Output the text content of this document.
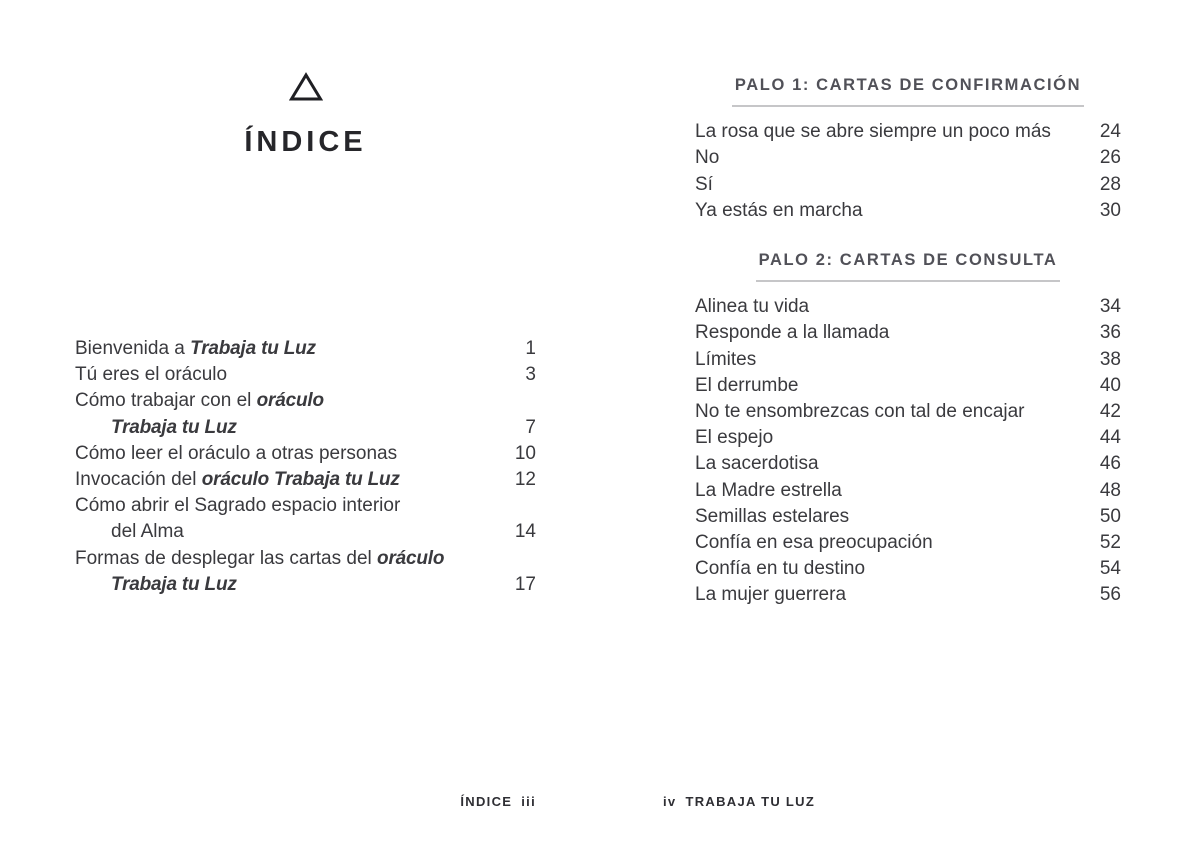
ÍNDICE
Bienvenida a Trabaja tu Luz	1
Tú eres el oráculo	3
Cómo trabajar con el oráculo
Trabaja tu Luz	7
Cómo leer el oráculo a otras personas	10
Invocación del oráculo Trabaja tu Luz	12
Cómo abrir el Sagrado espacio interior
del Alma	14
Formas de desplegar las cartas del oráculo
Trabaja tu Luz	17
ÍNDICE iii
PALO 1: CARTAS DE CONFIRMACIÓN
La rosa que se abre siempre un poco más	24
No	26
Sí	28
Ya estás en marcha	30
PALO 2: CARTAS DE CONSULTA
Alinea tu vida	34
Responde a la llamada	36
Límites	38
El derrumbe	40
No te ensombrezcas con tal de encajar	42
El espejo	44
La sacerdotisa	46
La Madre estrella	48
Semillas estelares	50
Confía en esa preocupación	52
Confía en tu destino	54
La mujer guerrera	56
iv TRABAJA TU LUZ
